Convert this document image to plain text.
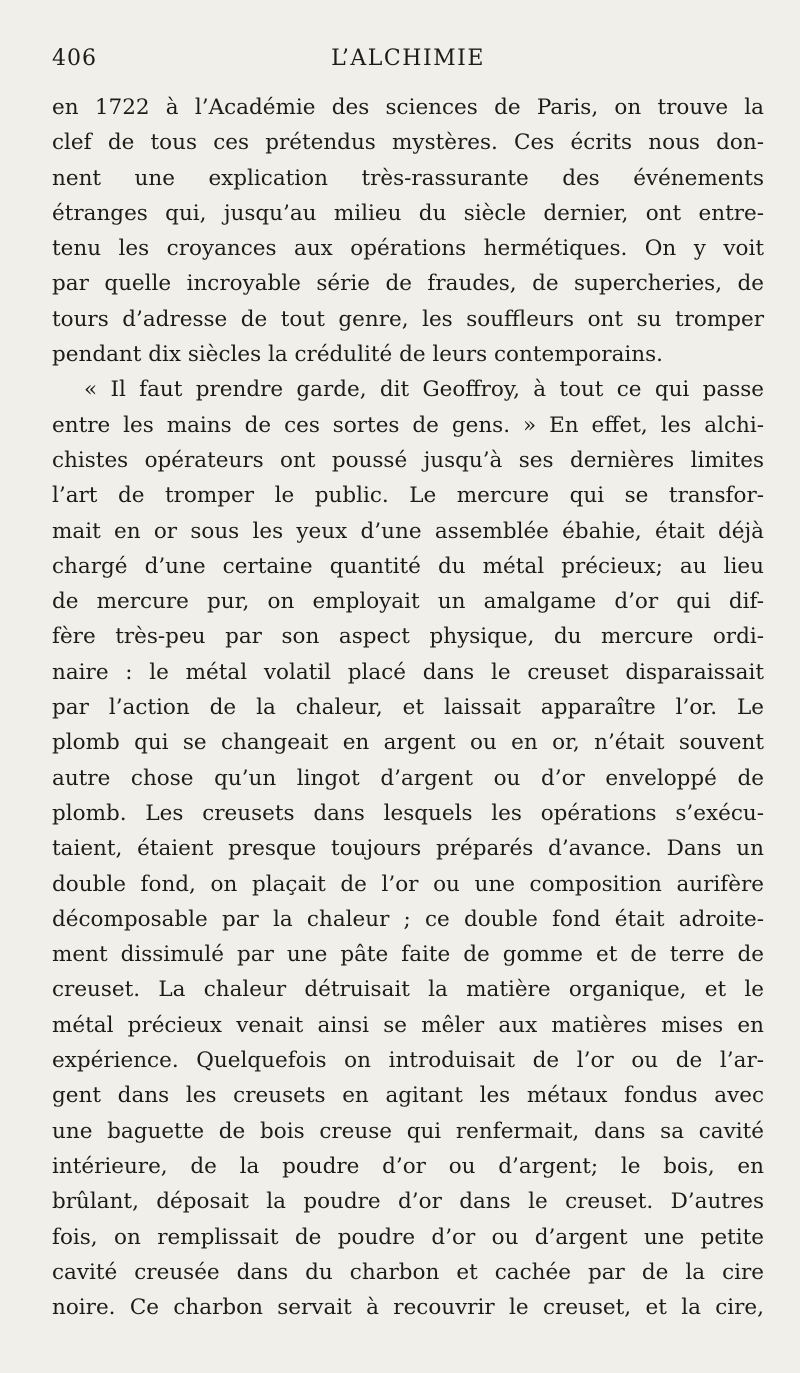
406	L’ALCHIMIE
en 1722 à l’Académie des sciences de Paris, on trouve la
clef de tous ces prétendus mystères. Ces écrits nous don-
nent une explication très-rassurante des événements
étranges qui, jusqu’au milieu du siècle dernier, ont entre-
tenu les croyances aux opérations hermétiques. On y voit
par quelle incroyable série de fraudes, de supercheries, de
tours d’adresse de tout genre, les souffleurs ont su tromper
pendant dix siècles la crédulité de leurs contemporains.
« Il faut prendre garde, dit Geoffroy, à tout ce qui passe
entre les mains de ces sortes de gens. » En effet, les alchi-
chistes opérateurs ont poussé jusqu’à ses dernières limites
l’art de tromper le public. Le mercure qui se transfor-
mait en or sous les yeux d’une assemblée ébahie, était déjà
chargé d’une certaine quantité du métal précieux; au lieu
de mercure pur, on employait un amalgame d’or qui dif-
fère très-peu par son aspect physique, du mercure ordi-
naire : le métal volatil placé dans le creuset disparaissait
par l’action de la chaleur, et laissait apparaître l’or. Le
plomb qui se changeait en argent ou en or, n’était souvent
autre chose qu’un lingot d’argent ou d’or enveloppé de
plomb. Les creusets dans lesquels les opérations s’exécu-
taient, étaient presque toujours préparés d’avance. Dans un
double fond, on plaçait de l’or ou une composition aurifère
décomposable par la chaleur ; ce double fond était adroite-
ment dissimulé par une pâte faite de gomme et de terre de
creuset. La chaleur détruisait la matière organique, et le
métal précieux venait ainsi se mêler aux matières mises en
expérience. Quelquefois on introduisait de l’or ou de l’ar-
gent dans les creusets en agitant les métaux fondus avec
une baguette de bois creuse qui renfermait, dans sa cavité
intérieure, de la poudre d’or ou d’argent; le bois, en
brûlant, déposait la poudre d’or dans le creuset. D’autres
fois, on remplissait de poudre d’or ou d’argent une petite
cavité creusée dans du charbon et cachée par de la cire
noire. Ce charbon servait à recouvrir le creuset, et la cire,
